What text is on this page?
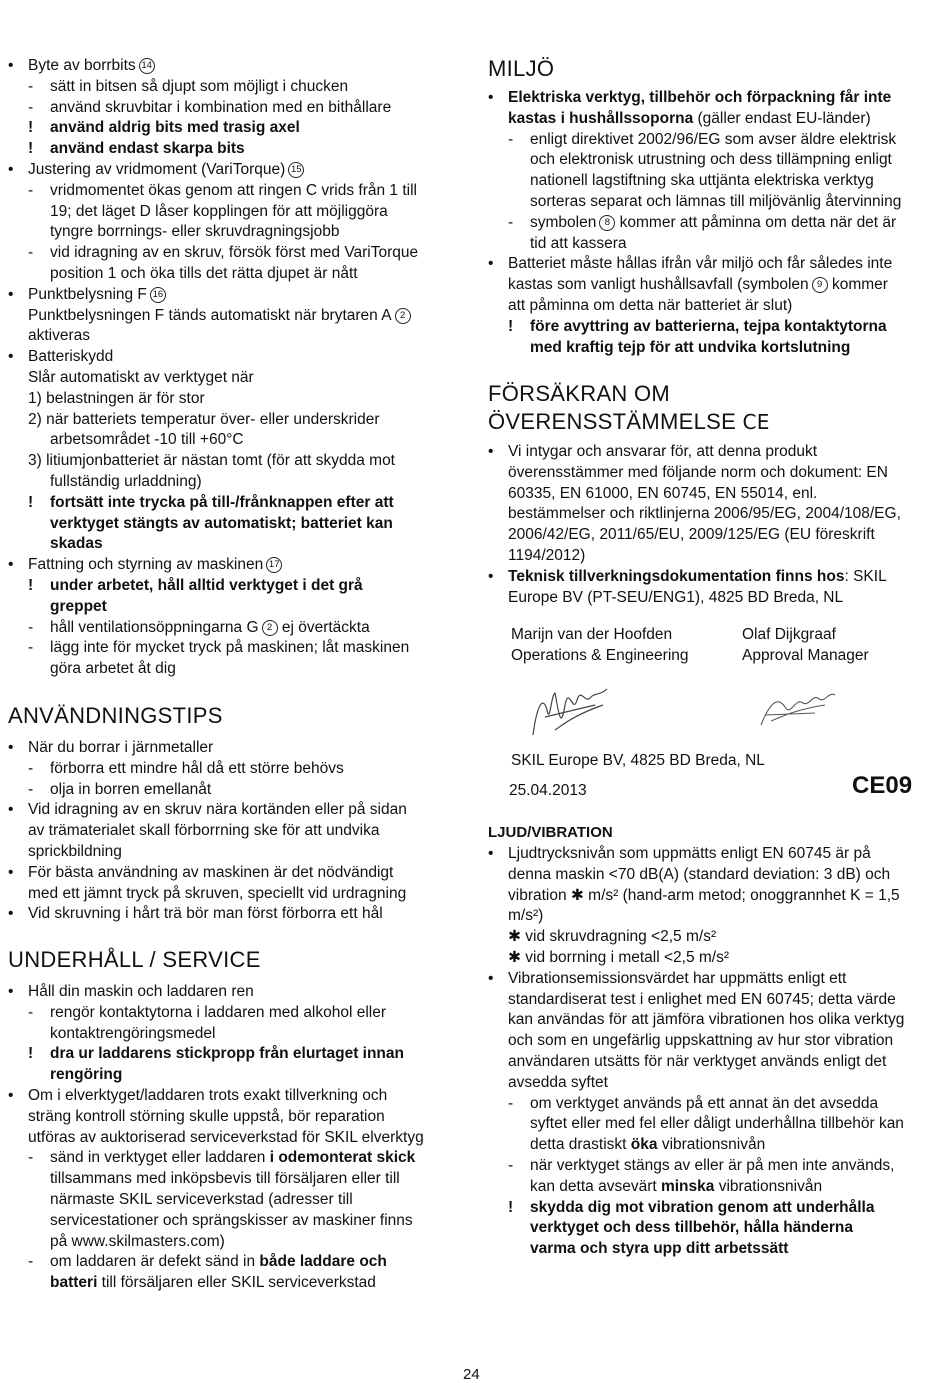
• Byte av borrbits 14
- sätt in bitsen så djupt som möjligt i chucken
- använd skruvbitar i kombination med en bithållare
! använd aldrig bits med trasig axel
! använd endast skarpa bits
• Justering av vridmoment (VariTorque) 15
- vridmomentet ökas genom att ringen C vrids från 1 till
19; det läget D låser kopplingen för att möjliggöra
tyngre borrnings- eller skruvdragningsjobb
- vid idragning av en skruv, försök först med VariTorque
position 1 och öka tills det rätta djupet är nått
• Punktbelysning F 16
Punktbelysningen F tänds automatiskt när brytaren A 2
aktiveras
• Batteriskydd
Slår automatiskt av verktyget när
1) belastningen är för stor
2) när batteriets temperatur över- eller underskrider
arbetsområdet -10 till +60°C
3) litiumjonbatteriet är nästan tomt (för att skydda mot
fullständig urladdning)
! fortsätt inte trycka på till-/frånknappen efter att
verktyget stängts av automatiskt; batteriet kan
skadas
• Fattning och styrning av maskinen 17
! under arbetet, håll alltid verktyget i det grå
greppet
- håll ventilationsöppningarna G 2 ej övertäckta
- lägg inte för mycket tryck på maskinen; låt maskinen
göra arbetet åt dig
• När du borrar i järnmetaller
- förborra ett mindre hål då ett större behövs
- olja in borren emellanåt
• Vid idragning av en skruv nära kortänden eller på sidan
av trämaterialet skall förborrning ske för att undvika
sprickbildning
• För bästa användning av maskinen är det nödvändigt
med ett jämnt tryck på skruven, speciellt vid urdragning
• Vid skruvning i hårt trä bör man först förborra ett hål
• Håll din maskin och laddaren ren
- rengör kontaktytorna i laddaren med alkohol eller
kontaktrengöringsmedel
! dra ur laddarens stickpropp från elurtaget innan
rengöring
• Om i elverktyget/laddaren trots exakt tillverkning och
sträng kontroll störning skulle uppstå, bör reparation
utföras av auktoriserad serviceverkstad för SKIL elverktyg
- sänd in verktyget eller laddaren i odemonterat skick
tillsammans med inköpsbevis till försäljaren eller till
närmaste SKIL serviceverkstad (adresser till
servicestationer och sprängskisser av maskiner finns
på www.skilmasters.com)
- om laddaren är defekt sänd in både laddare och
batteri till försäljaren eller SKIL serviceverkstad
• Elektriska verktyg, tillbehör och förpackning får inte
kastas i hushållssoporna (gäller endast EU-länder)
- enligt direktivet 2002/96/EG som avser äldre elektrisk
och elektronisk utrustning och dess tillämpning enligt
nationell lagstiftning ska uttjänta elektriska verktyg
sorteras separat och lämnas till miljövänlig återvinning
- symbolen 8 kommer att påminna om detta när det är
tid att kassera
• Batteriet måste hållas ifrån vår miljö och får således inte
kastas som vanligt hushållsavfall (symbolen 9 kommer
att påminna om detta när batteriet är slut)
! före avyttring av batterierna, tejpa kontaktytorna
med kraftig tejp för att undvika kortslutning
• Vi intygar och ansvarar för, att denna produkt
överensstämmer med följande norm och dokument: EN
60335, EN 61000, EN 60745, EN 55014, enl.
bestämmelser och riktlinjerna 2006/95/EG, 2004/108/EG,
2006/42/EG, 2011/65/EU, 2009/125/EG (EU föreskrift
1194/2012)
• Teknisk tillverkningsdokumentation finns hos: SKIL
Europe BV (PT-SEU/ENG1), 4825 BD Breda, NL
• Ljudtrycksnivån som uppmätts enligt EN 60745 är på
denna maskin <70 dB(A) (standard deviation: 3 dB) och
vibration ✱ m/s² (hand-arm metod; onoggrannhet K = 1,5
m/s²)
✱ vid skruvdragning <2,5 m/s²
✱ vid borrning i metall <2,5 m/s²
• Vibrationsemissionsvärdet har uppmätts enligt ett
standardiserat test i enlighet med EN 60745; detta värde
kan användas för att jämföra vibrationen hos olika verktyg
och som en ungefärlig uppskattning av hur stor vibration
användaren utsätts för när verktyget används enligt det
avsedda syftet
- om verktyget används på ett annat än det avsedda
syftet eller med fel eller dåligt underhållna tillbehör kan
detta drastiskt öka vibrationsnivån
- när verktyget stängs av eller är på men inte används,
kan detta avsevärt minska vibrationsnivån
! skydda dig mot vibration genom att underhålla
verktyget och dess tillbehör, hålla händerna
varma och styra upp ditt arbetssätt
ANVÄNDNINGSTIPS
UNDERHÅLL / SERVICE
MILJÖ
FÖRSÄKRAN OM
ÖVERENSSTÄMMELSE CE
Marijn van der Hoofden
Operations & Engineering
Olaf Dijkgraaf
Approval Manager
SKIL Europe BV, 4825 BD Breda, NL
25.04.2013	CE09
LJUD/VIBRATION
24
